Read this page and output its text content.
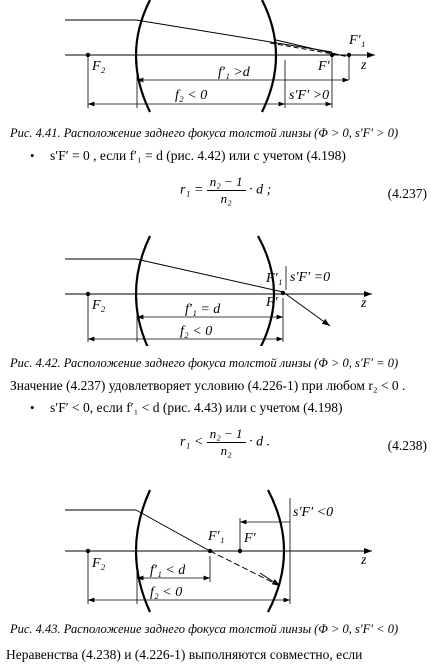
F₂
F′₁
F′ z
f′₁ >d
f₂ < 0	s′F′ >0
Рис. 4.41. Расположение заднего фокуса толстой линзы (Φ > 0, s′F′ > 0)
• s′F′ = 0 , если f′₁ = d (рис. 4.42) или с учетом (4.198)
$r_1 = \frac{\text{n₂ − 1}}{\text{n₂}} \cdot d$ ;	(4.237)
F₂
F′₁
F′	z
f′₁ = d
f₂ < 0
s′F′ =0
Рис. 4.42. Расположение заднего фокуса толстой линзы (Φ > 0, s′F′ = 0)
Значение (4.237) удовлетворяет условию (4.226-1) при любом r₂ < 0 .
• s′F′ < 0, если f′₁ < d (рис. 4.43) или с учетом (4.198)
$r_1 < \frac{\text{n₂ − 1}}{\text{n₂}} \cdot d$ .	(4.238)
F₂
F′₁ F′
z
f′₁ < d
f₂ < 0
s′F′ <0
Рис. 4.43. Расположение заднего фокуса толстой линзы (Φ > 0, s′F′ < 0)
Неравенства (4.238) и (4.226-1) выполняются совместно, если
